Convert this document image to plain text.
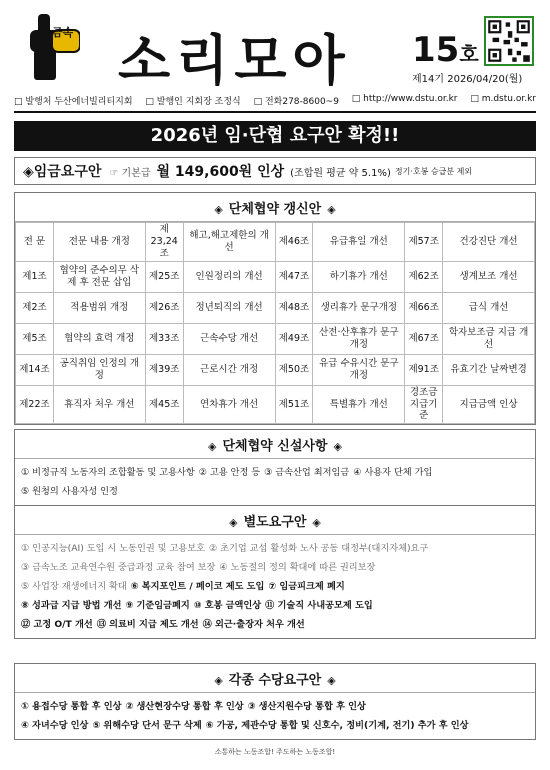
금속 소리모아 15호
제14기 2026/04/20(월)
□ 발행처 두산에너빌리티지회	□ 발행인 지회장 조정식	□ 전화278-8600~9	□ http://www.dstu.or.kr	□ m.dstu.or.kr
2026년 임·단협 요구안 확정!!
◈임금요구안 ☞ 기본급 월 149,600원 인상 (조합원 평균 약 5.1%) 정기·호봉 승급분 제외
◈ 단체협약 갱신안 ◈
전 문	전문 내용 개정	제23,24조	해고,해고제한의 개선	제46조	유급휴일 개선	제57조	건강진단 개선
제1조	협약의 준수의무 삭제 후 전문 삽입	제25조	인원정리의 개선	제47조	하기휴가 개선	제62조	생계보조 개선
제2조	적용범위 개정	제26조	정년퇴직의 개선	제48조	생리휴가 문구개정	제66조	급식 개선
제5조	협약의 효력 개정	제33조	근속수당 개선	제49조	산전·산후휴가 문구개정	제67조	학자보조금 지급 개선
제14조	공직취임 인정의 개정	제39조	근로시간 개정	제50조	유급 수유시간 문구개정	제91조	유효기간 날짜변경
제22조	휴직자 처우 개선	제45조	연차휴가 개선	제51조	특별휴가 개선	경조금 지급기준	지급금액 인상
◈ 단체협약 신설사항 ◈
① 비정규직 노동자의 조합활동 및 고용사항 ② 고용 안정 등 ③ 금속산업 최저임금 ④ 사용자 단체 가입
⑤ 원청의 사용자성 인정
◈ 별도요구안 ◈
① 인공지능(AI) 도입 시 노동인권 및 고용보호 ② 초기업 교섭 활성화 노사 공동 대정부(대지자체)요구
③ 금속노조 교육연수원 중급과정 교육 참여 보장 ④ 노동절의 정의 확대에 따른 권리보장
⑤ 사업장 재생에너지 확대 ⑥ 복지포인트 / 페이코 제도 도입 ⑦ 임금피크제 폐지
⑧ 성과급 지급 방법 개선 ⑨ 기준임금폐지 ⑩ 호봉 금액인상 ⑪ 기술직 사내공모제 도입
⑫ 고정 O/T 개선 ⑬ 의료비 지급 제도 개선 ⑭ 외근·출장자 처우 개선
◈ 각종 수당요구안 ◈
① 용접수당 통합 후 인상 ② 생산현장수당 통합 후 인상 ③ 생산지원수당 통합 후 인상
④ 자녀수당 인상 ⑤ 위해수당 단서 문구 삭제 ⑥ 가공, 제관수당 통합 및 신호수, 정비(기계, 전기) 추가 후 인상
소통하는 노동조합! 주도하는 노동조합!
